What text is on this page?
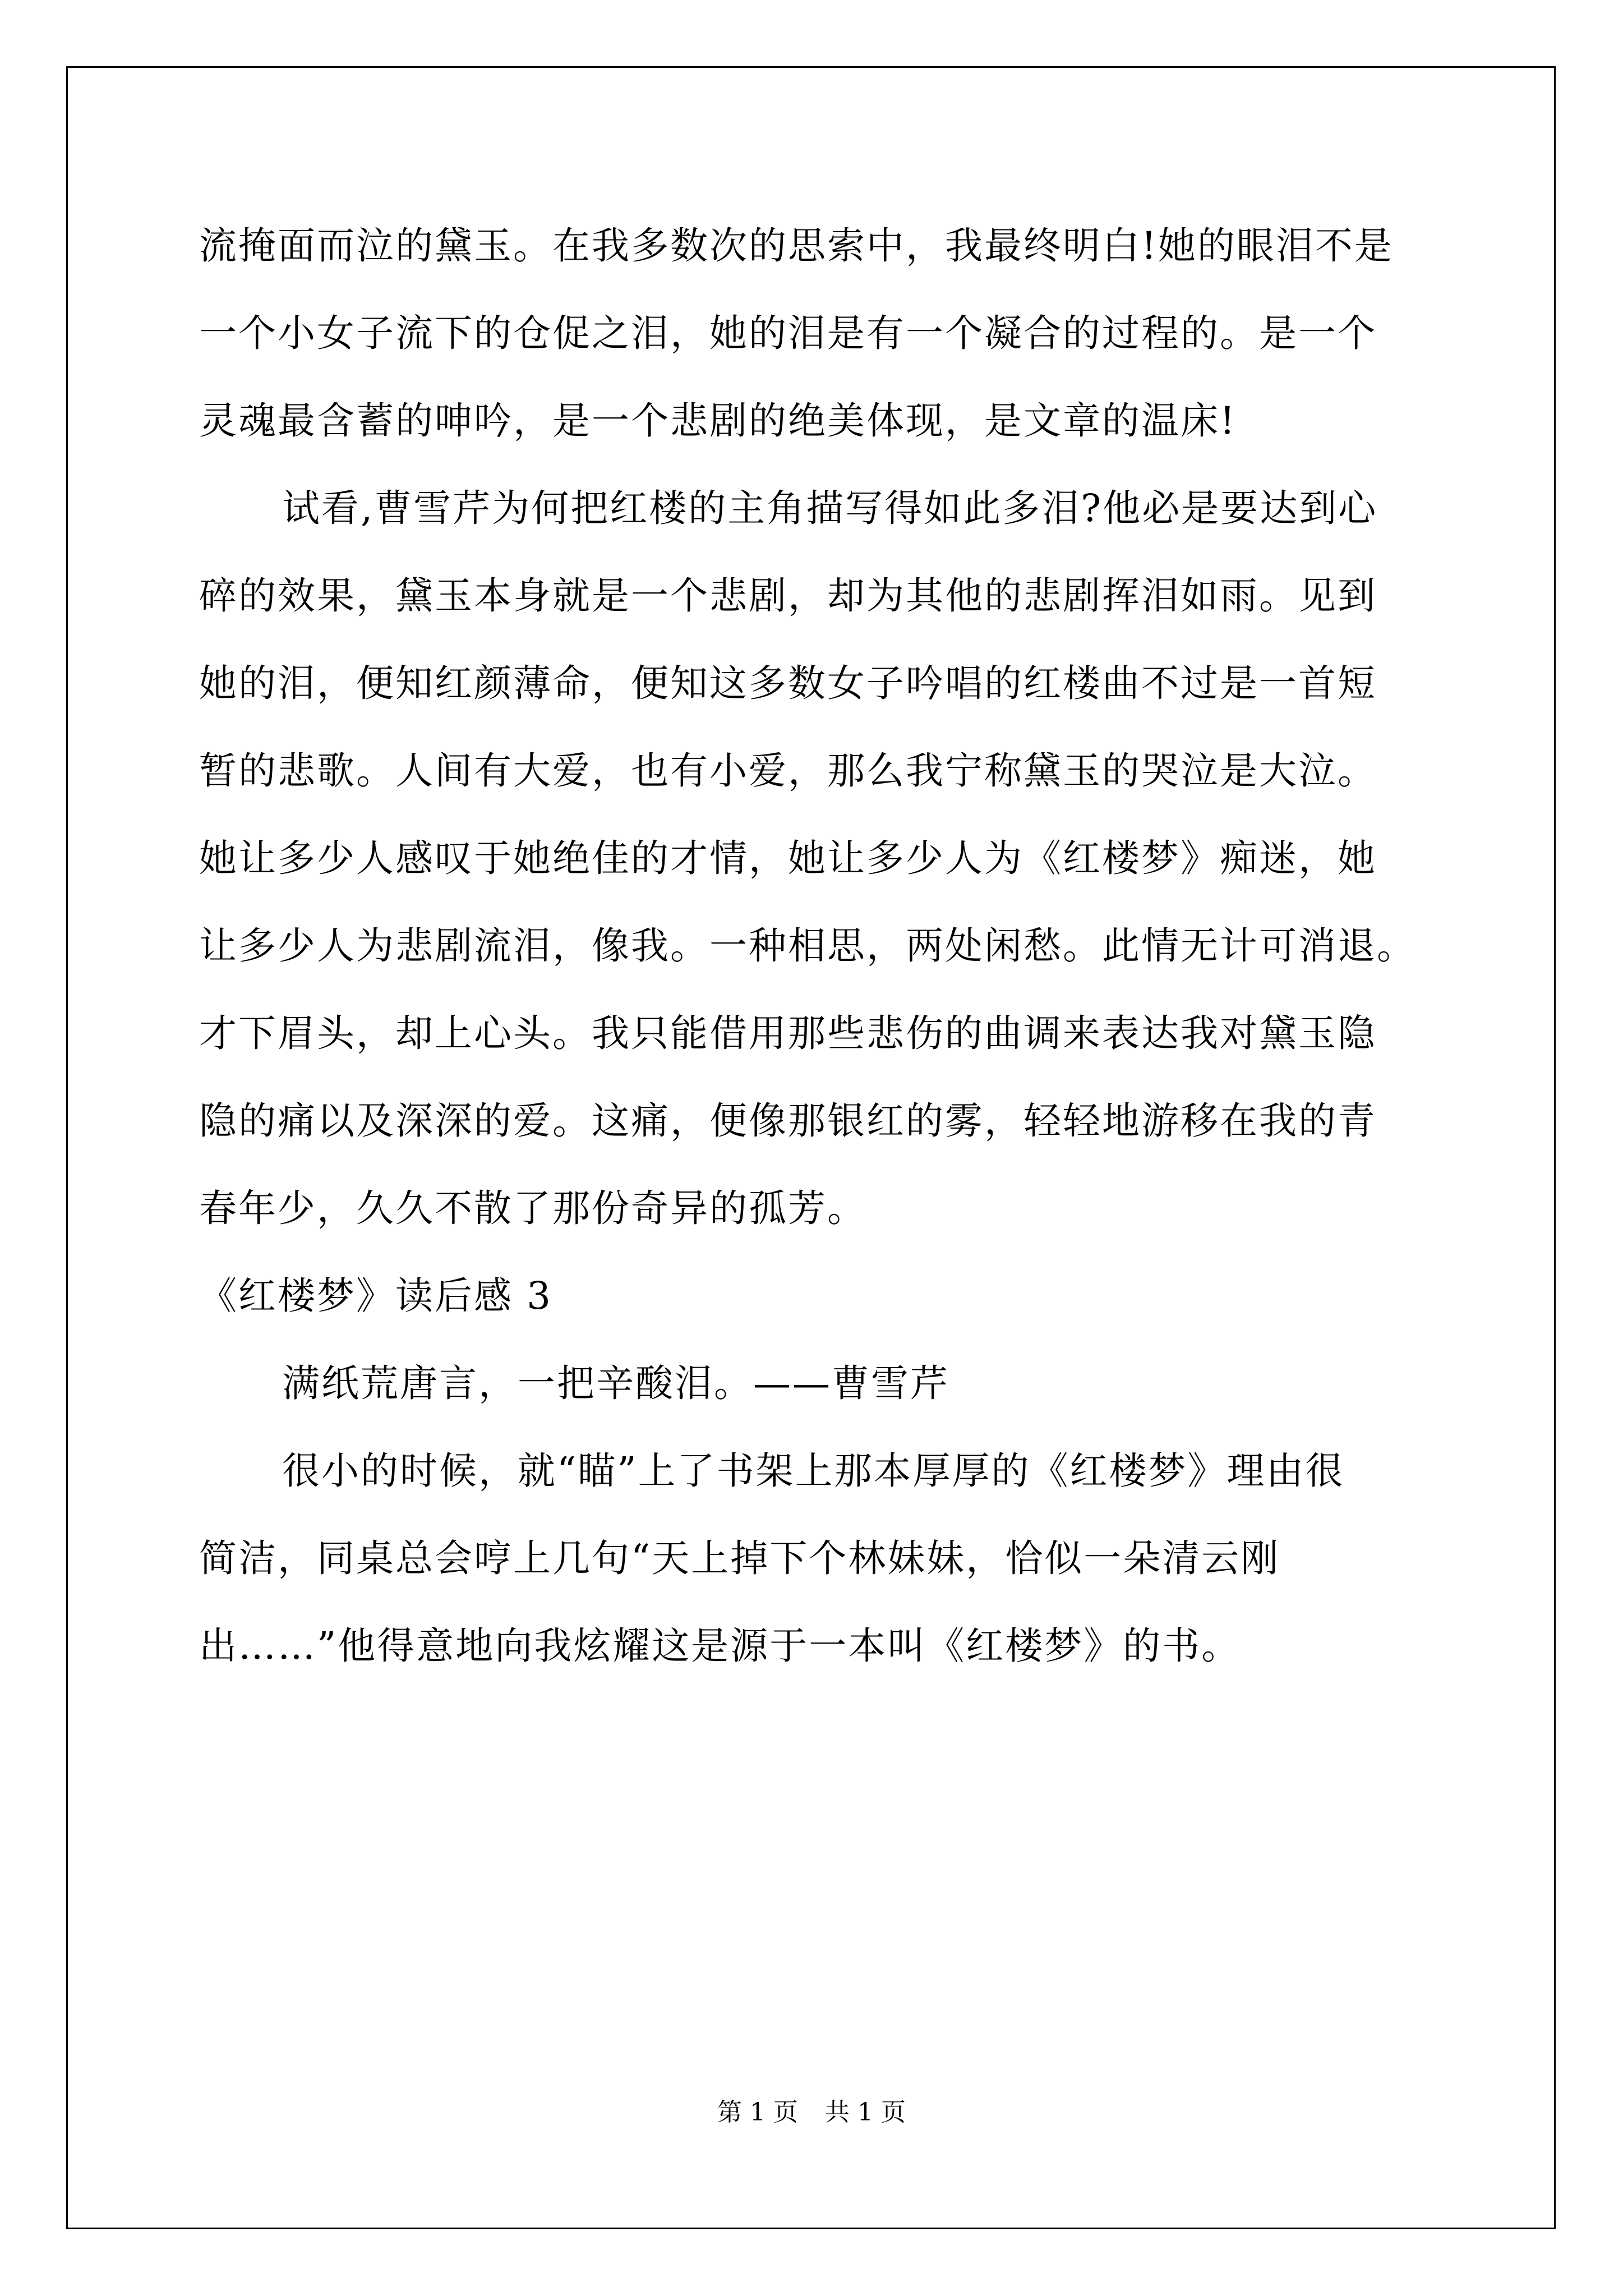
流掩面而泣的黛玉。在我多数次的思索中，我最终明白!她的眼泪不是
一个小女子流下的仓促之泪，她的泪是有一个凝合的过程的。是一个
灵魂最含蓄的呻吟，是一个悲剧的绝美体现，是文章的温床!
试看,曹雪芹为何把红楼的主角描写得如此多泪?他必是要达到心
碎的效果，黛玉本身就是一个悲剧，却为其他的悲剧挥泪如雨。见到
她的泪，便知红颜薄命，便知这多数女子吟唱的红楼曲不过是一首短
暂的悲歌。人间有大爱，也有小爱，那么我宁称黛玉的哭泣是大泣。
她让多少人感叹于她绝佳的才情，她让多少人为《红楼梦》痴迷，她
让多少人为悲剧流泪，像我。一种相思，两处闲愁。此情无计可消退。
才下眉头，却上心头。我只能借用那些悲伤的曲调来表达我对黛玉隐
隐的痛以及深深的爱。这痛，便像那银红的雾，轻轻地游移在我的青
春年少，久久不散了那份奇异的孤芳。
《红楼梦》读后感 3
满纸荒唐言，一把辛酸泪。——曹雪芹
很小的时候，就“瞄”上了书架上那本厚厚的《红楼梦》理由很
简洁，同桌总会哼上几句“天上掉下个林妹妹，恰似一朵清云刚
出……”他得意地向我炫耀这是源于一本叫《红楼梦》的书。
第 1 页 共 1 页
